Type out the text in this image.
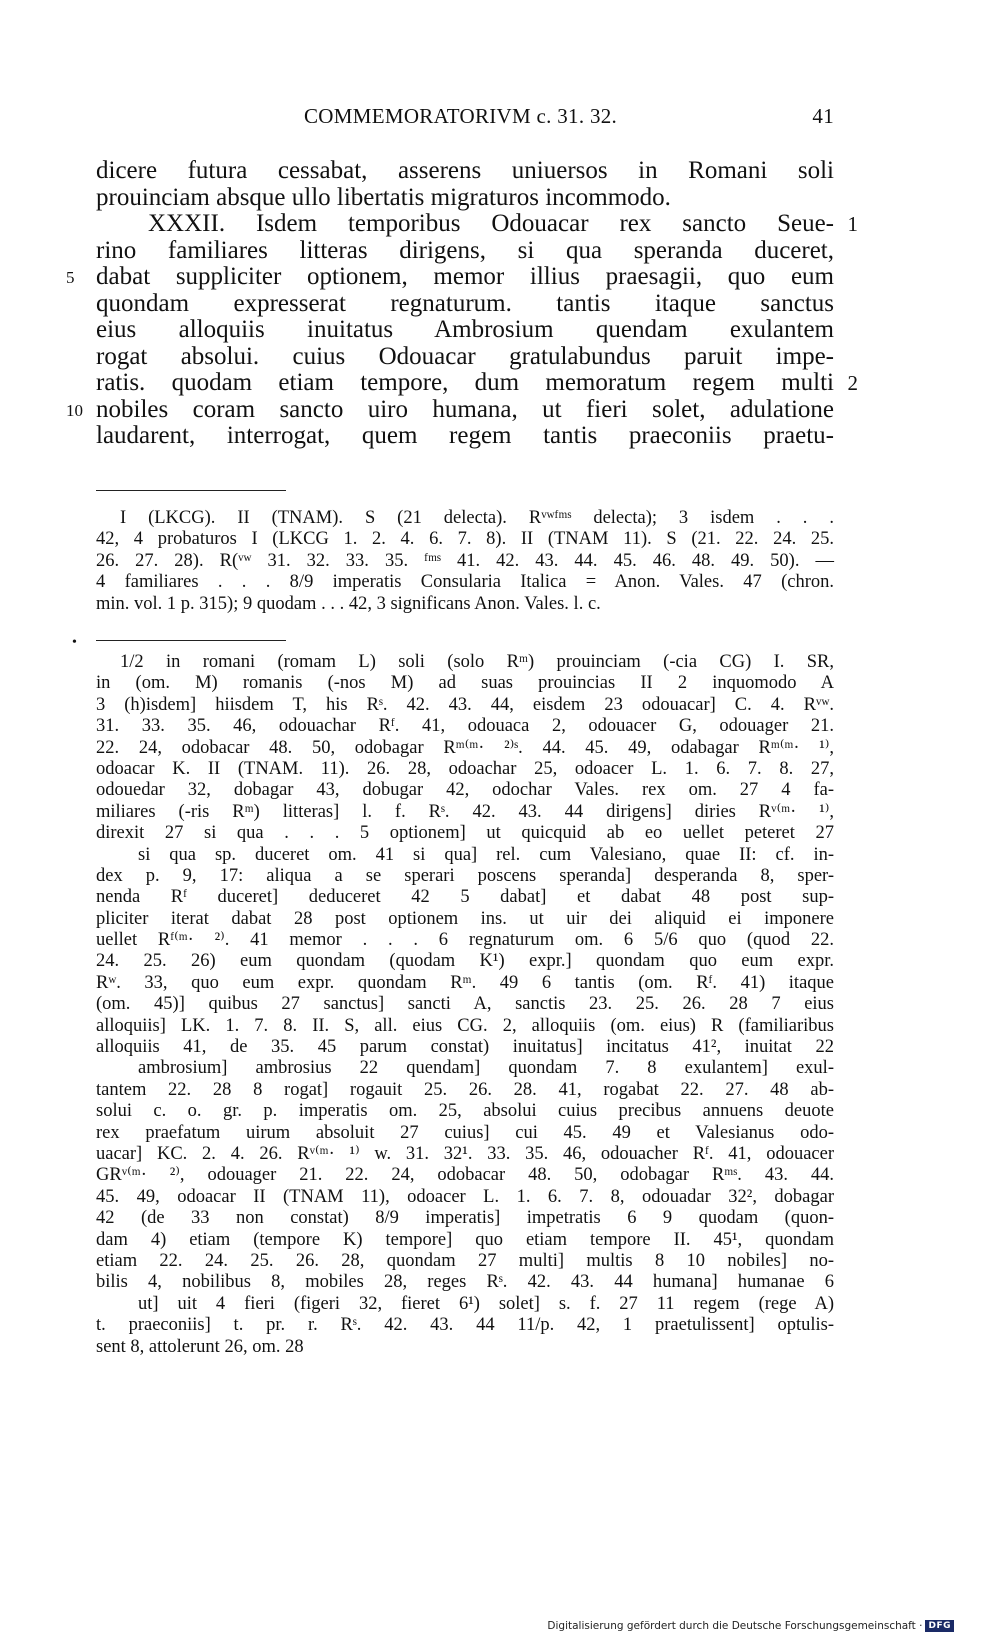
COMMEMORATORIVM c. 31. 32.	41
dicere futura cessabat, asserens uniuersos in Romani soli
prouinciam absque ullo libertatis migraturos incommodo.
XXXII. Isdem temporibus Odouacar rex sancto Seue- 1
rino familiares litteras dirigens, si qua speranda duceret,
dabat suppliciter optionem, memor illius praesagii, quo eum
5
quondam expresserat regnaturum. tantis itaque sanctus
eius alloquiis inuitatus Ambrosium quendam exulantem
rogat absolui. cuius Odouacar gratulabundus paruit impe-
ratis. quodam etiam tempore, dum memoratum regem multi 2
nobiles coram sancto uiro humana, ut fieri solet, adulatione
10
laudarent, interrogat, quem regem tantis praeconiis praetu-
I (LKCG). II (TNAM). S (21 delecta). Rᵛʷᶠᵐˢ delecta); 3 isdem . . .
42, 4 probaturos I (LKCG 1. 2. 4. 6. 7. 8). II (TNAM 11). S (21. 22. 24. 25.
26. 27. 28). R(ᵛʷ 31. 32. 33. 35. ᶠᵐˢ 41. 42. 43. 44. 45. 46. 48. 49. 50). —
4 familiares . . . 8/9 imperatis Consularia Italica = Anon. Vales. 47 (chron.
min. vol. 1 p. 315); 9 quodam . . . 42, 3 significans Anon. Vales. l. c.
•
1/2 in romani (romam L) soli (solo Rᵐ) prouinciam (-cia CG) I. SR,
in (om. M) romanis (-nos M) ad suas prouincias II 2 inquomodo A
3 (h)isdem] hiisdem T, his Rˢ. 42. 43. 44, eisdem 23 odouacar] C. 4. Rᵛʷ.
31. 33. 35. 46, odouachar Rᶠ. 41, odouaca 2, odouacer G, odouager 21.
22. 24, odobacar 48. 50, odobagar Rᵐ⁽ᵐ· ²⁾ˢ. 44. 45. 49, odabagar Rᵐ⁽ᵐ· ¹⁾,
odoacar K. II (TNAM. 11). 26. 28, odoachar 25, odoacer L. 1. 6. 7. 8. 27,
odouedar 32, dobagar 43, dobugar 42, odochar Vales. rex om. 27 4 fa-
miliares (-ris Rᵐ) litteras] l. f. Rˢ. 42. 43. 44 dirigens] diries Rᵛ⁽ᵐ· ¹⁾,
direxit 27 si qua . . . 5 optionem] ut quicquid ab eo uellet peteret 27
si qua sp. duceret om. 41 si qua] rel. cum Valesiano, quae II: cf. in-
dex p. 9, 17: aliqua a se sperari poscens speranda] desperanda 8, sper-
nenda Rᶠ duceret] deduceret 42 5 dabat] et dabat 48 post sup-
pliciter iterat dabat 28 post optionem ins. ut uir dei aliquid ei imponere
uellet Rᶠ⁽ᵐ· ²⁾. 41 memor . . . 6 regnaturum om. 6 5/6 quo (quod 22.
24. 25. 26) eum quondam (quodam K¹) expr.] quondam quo eum expr.
Rʷ. 33, quo eum expr. quondam Rᵐ. 49 6 tantis (om. Rᶠ. 41) itaque
(om. 45)] quibus 27 sanctus] sancti A, sanctis 23. 25. 26. 28 7 eius
alloquiis] LK. 1. 7. 8. II. S, all. eius CG. 2, alloquiis (om. eius) R (familiaribus
alloquiis 41, de 35. 45 parum constat) inuitatus] incitatus 41², inuitat 22
ambrosium] ambrosius 22 quendam] quondam 7. 8 exulantem] exul-
tantem 22. 28 8 rogat] rogauit 25. 26. 28. 41, rogabat 22. 27. 48 ab-
solui c. o. gr. p. imperatis om. 25, absolui cuius precibus annuens deuote
rex praefatum uirum absoluit 27 cuius] cui 45. 49 et Valesianus odo-
uacar] KC. 2. 4. 26. Rᵛ⁽ᵐ· ¹⁾ w. 31. 32¹. 33. 35. 46, odouacher Rᶠ. 41, odouacer
GRᵛ⁽ᵐ· ²⁾, odouager 21. 22. 24, odobacar 48. 50, odobagar Rᵐˢ. 43. 44.
45. 49, odoacar II (TNAM 11), odoacer L. 1. 6. 7. 8, odouadar 32², dobagar
42 (de 33 non constat) 8/9 imperatis] impetratis 6 9 quodam (quon-
dam 4) etiam (tempore K) tempore] quo etiam tempore II. 45¹, quondam
etiam 22. 24. 25. 26. 28, quondam 27 multi] multis 8 10 nobiles] no-
bilis 4, nobilibus 8, mobiles 28, reges Rˢ. 42. 43. 44 humana] humanae 6
ut] uit 4 fieri (figeri 32, fieret 6¹) solet] s. f. 27 11 regem (rege A)
t. praeconiis] t. pr. r. Rˢ. 42. 43. 44 11/p. 42, 1 praetulissent] optulis-
sent 8, attolerunt 26, om. 28
Digitalisierung gefördert durch die Deutsche Forschungsgemeinschaft · DFG
